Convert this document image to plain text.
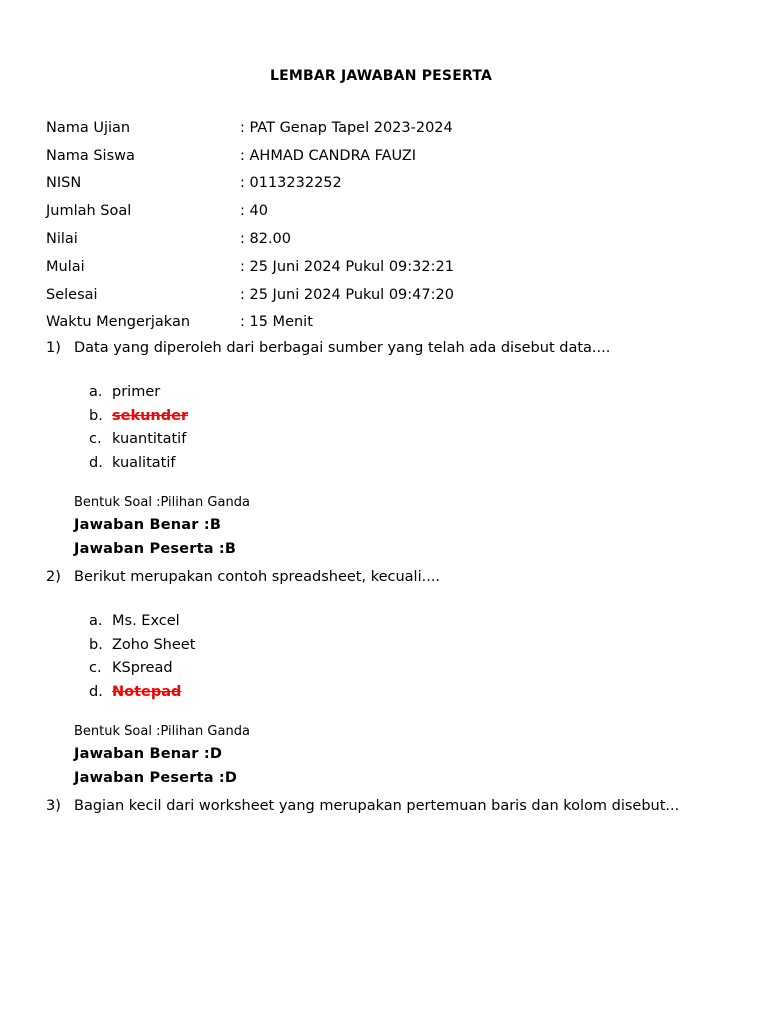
LEMBAR JAWABAN PESERTA
Nama Ujian	: PAT Genap Tapel 2023-2024
Nama Siswa	: AHMAD CANDRA FAUZI
NISN	: 0113232252
Jumlah Soal	: 40
Nilai	: 82.00
Mulai	: 25 Juni 2024 Pukul 09:32:21
Selesai	: 25 Juni 2024 Pukul 09:47:20
Waktu Mengerjakan	: 15 Menit
1) Data yang diperoleh dari berbagai sumber yang telah ada disebut data....
a. primer
b. sekunder
c. kuantitatif
d. kualitatif
Bentuk Soal :Pilihan Ganda
Jawaban Benar :B
Jawaban Peserta :B
2) Berikut merupakan contoh spreadsheet, kecuali....
a. Ms. Excel
b. Zoho Sheet
c. KSpread
d. Notepad
Bentuk Soal :Pilihan Ganda
Jawaban Benar :D
Jawaban Peserta :D
3) Bagian kecil dari worksheet yang merupakan pertemuan baris dan kolom disebut...
